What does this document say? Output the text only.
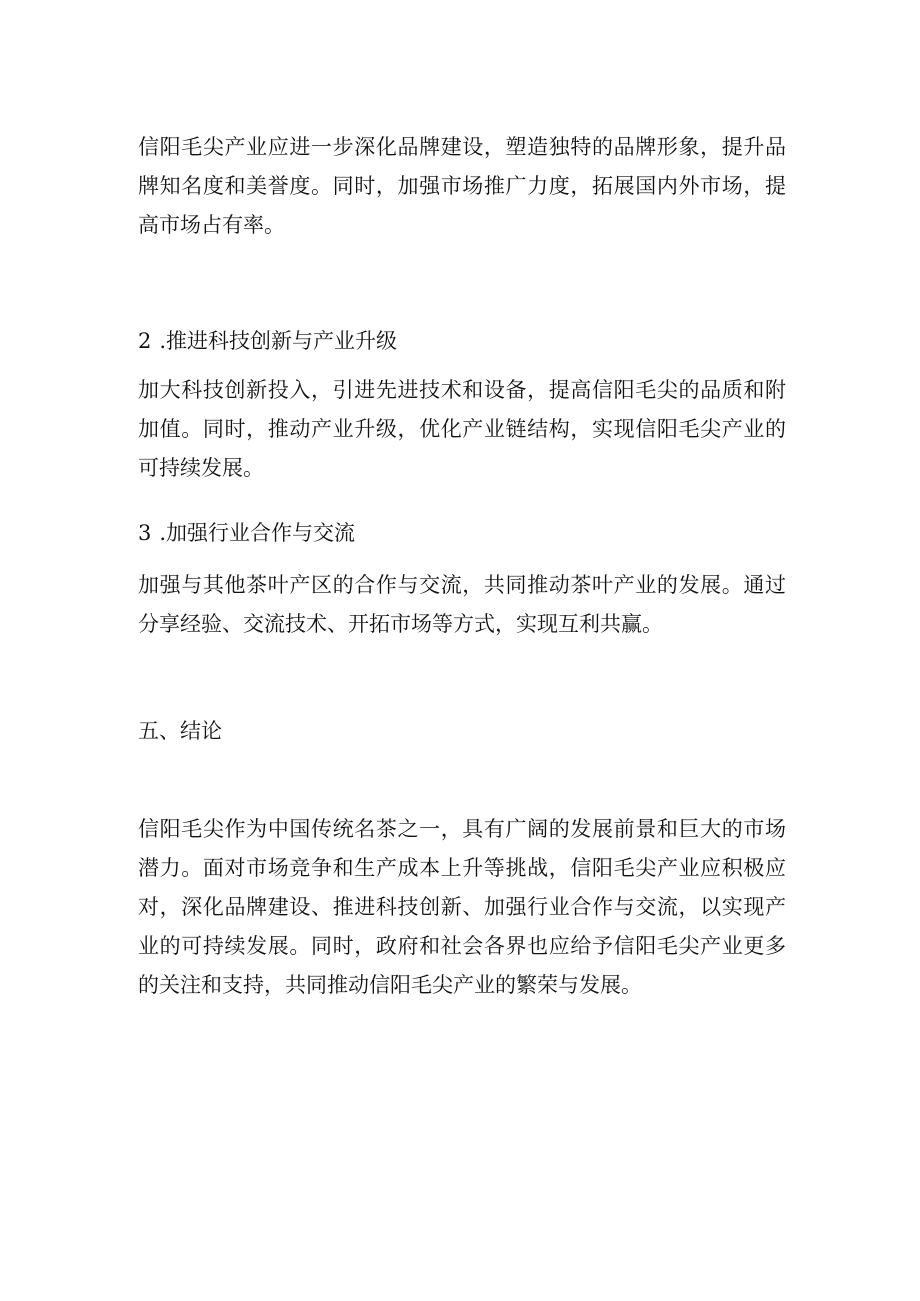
信阳毛尖产业应进一步深化品牌建设，塑造独特的品牌形象，提升品牌知名度和美誉度。同时，加强市场推广力度，拓展国内外市场，提高市场占有率。

2 .推进科技创新与产业升级

加大科技创新投入，引进先进技术和设备，提高信阳毛尖的品质和附加值。同时，推动产业升级，优化产业链结构，实现信阳毛尖产业的可持续发展。

3 .加强行业合作与交流

加强与其他茶叶产区的合作与交流，共同推动茶叶产业的发展。通过分享经验、交流技术、开拓市场等方式，实现互利共赢。

五、结论

信阳毛尖作为中国传统名茶之一，具有广阔的发展前景和巨大的市场潜力。面对市场竞争和生产成本上升等挑战，信阳毛尖产业应积极应对，深化品牌建设、推进科技创新、加强行业合作与交流，以实现产业的可持续发展。同时，政府和社会各界也应给予信阳毛尖产业更多的关注和支持，共同推动信阳毛尖产业的繁荣与发展。
